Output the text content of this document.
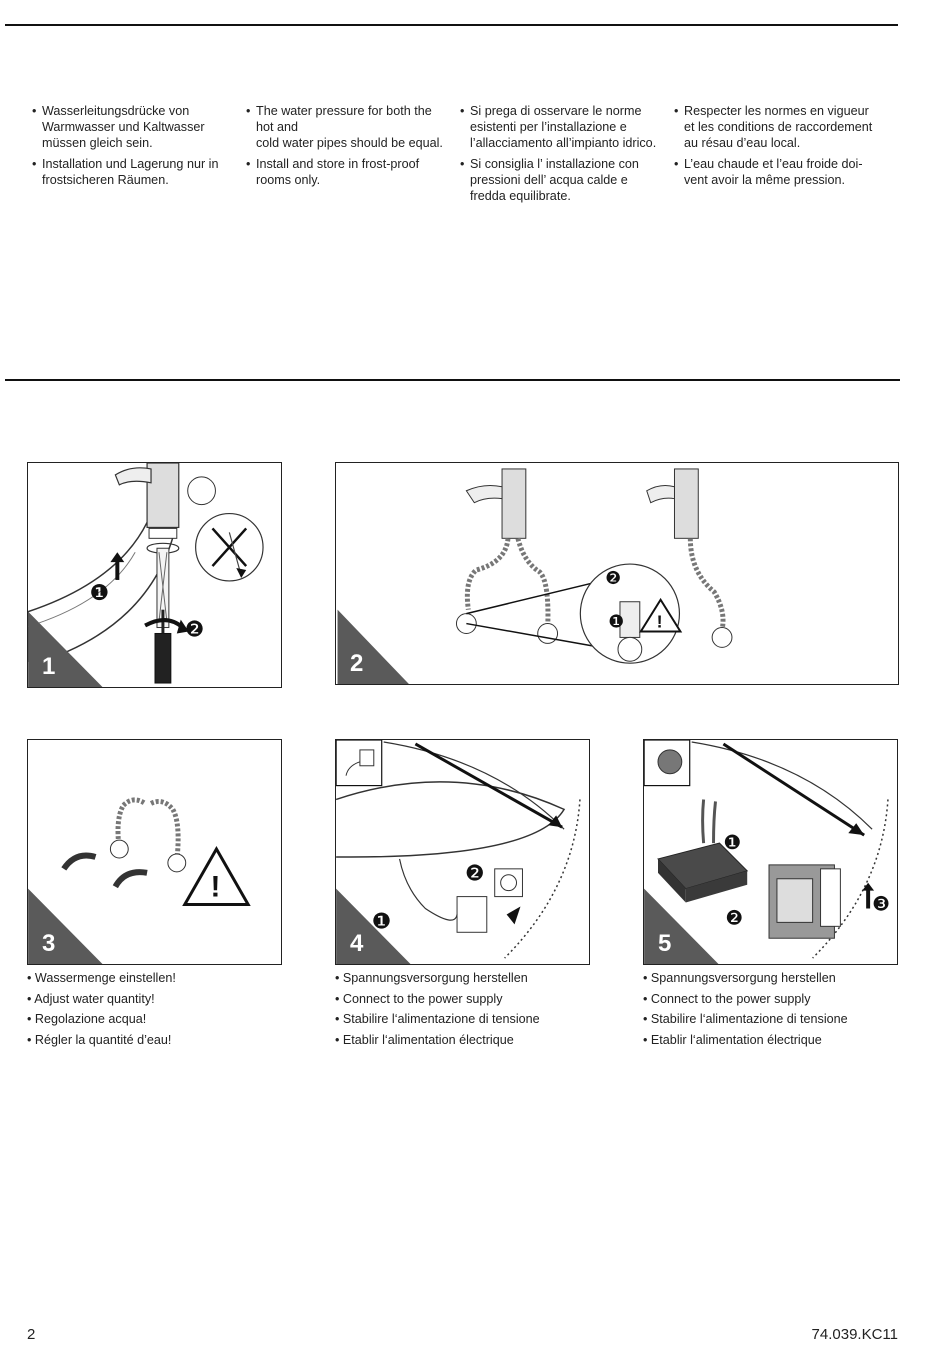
• Wasserleitungsdrücke von Warmwasser und Kaltwasser müssen gleich sein.
• Installation und Lagerung nur in frostsicheren Räumen.
• The water pressure for both the hot and
cold water pipes should be equal.
• Install and store in frost-proof rooms only.
• Si prega di osservare le norme esistenti per l’installazione e l’allacciamento all’impianto idrico.
• Si consiglia l’ installazione con pressioni dell’ acqua calde e fredda equilibrate.
• Respecter les normes en vigueur et les conditions de raccordement au résau d’eau local.
• L’eau chaude et l’eau froide doi-vent avoir la même pression.
❶
❷
1
!
❷
❶
2
!
3
❷
❶
4
❸
❶
❷
5
• Wassermenge einstellen!
• Adjust water quantity!
• Regolazione acqua!
• Régler la quantité d’eau!
• Spannungsversorgung herstellen
• Connect to the power supply
• Stabilire l‘alimentazione di tensione
• Etablir l‘alimentation électrique
• Spannungsversorgung herstellen
• Connect to the power supply
• Stabilire l‘alimentazione di tensione
• Etablir l‘alimentation électrique
2	74.039.KC11
